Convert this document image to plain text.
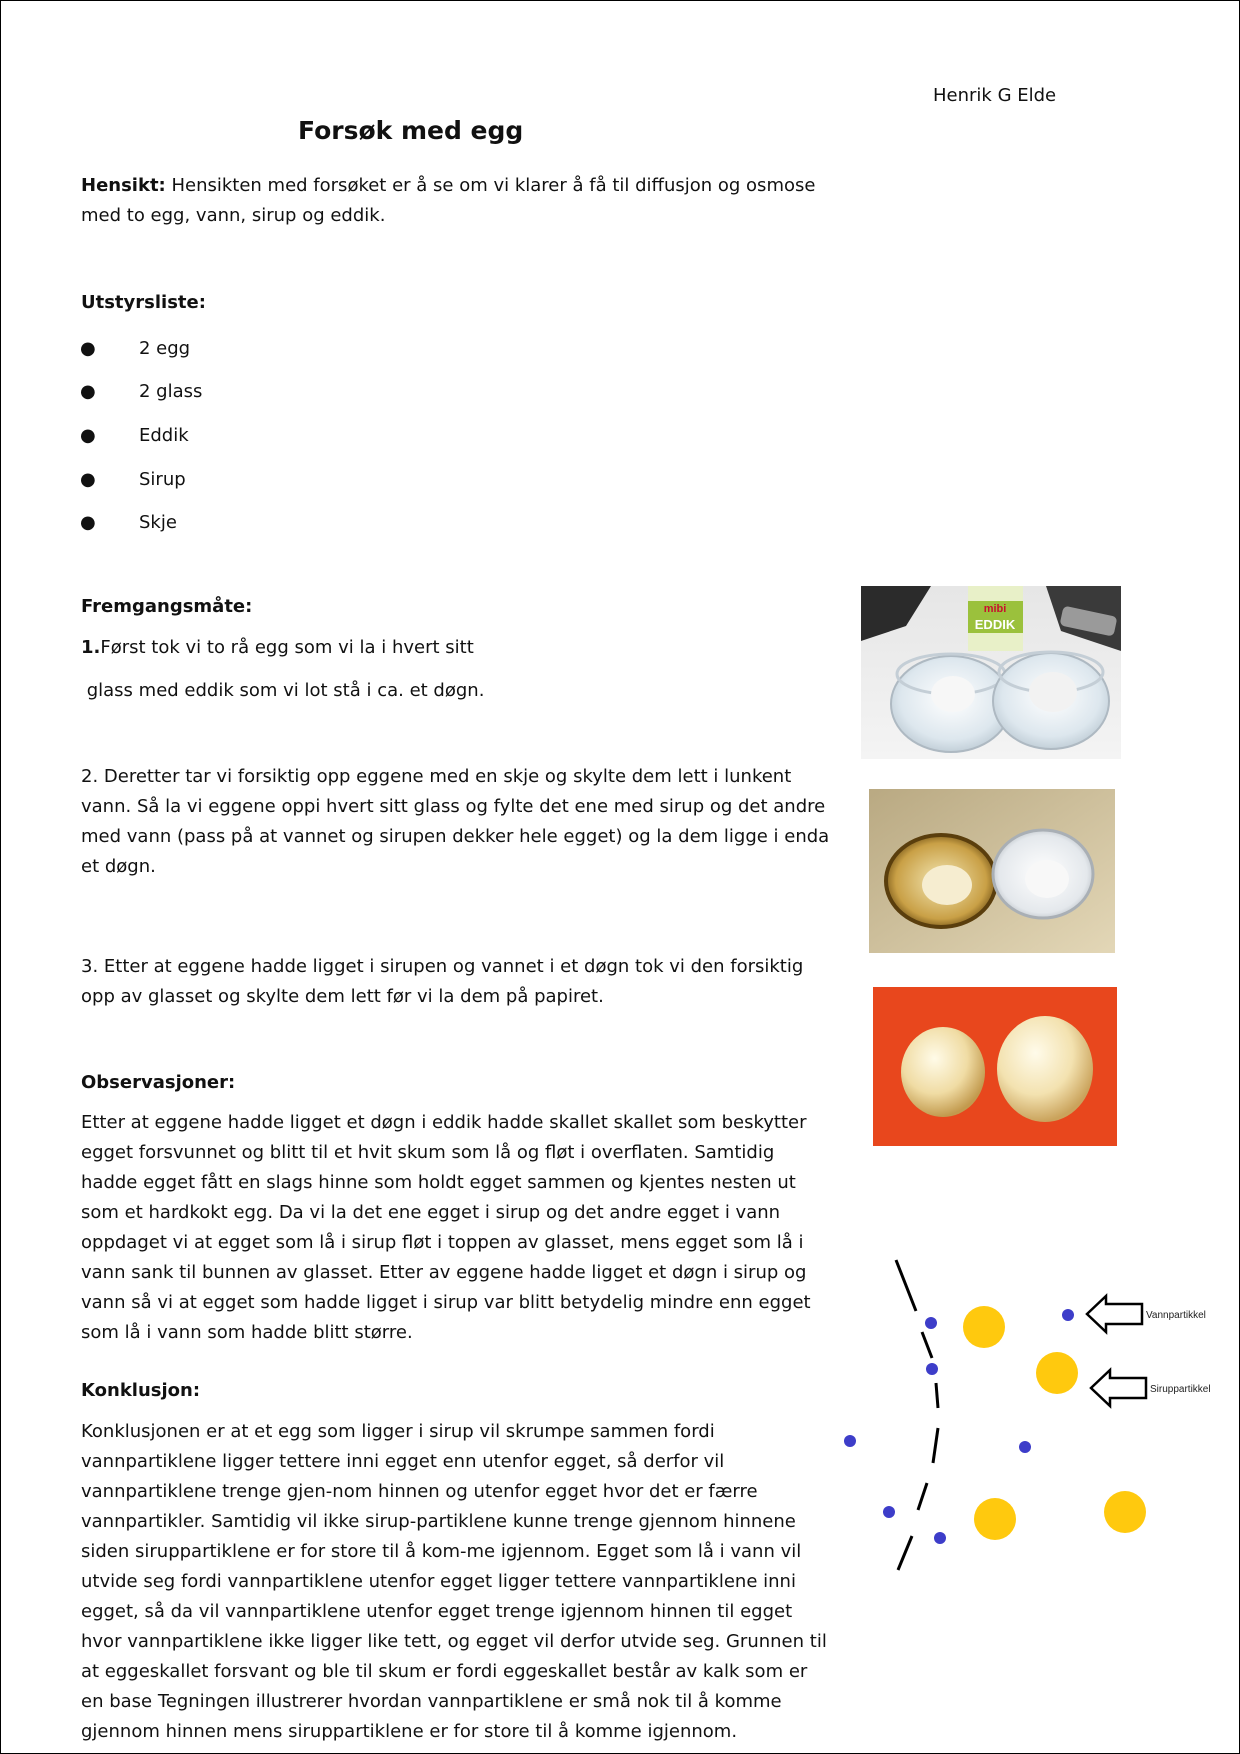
Henrik G Elde
Forsøk med egg

Hensikt: Hensikten med forsøket er å se om vi klarer å få til diffusjon og osmose med to egg, vann, sirup og eddik.

Utstyrsliste:
● 2 egg
● 2 glass
● Eddik
● Sirup
● Skje
Fremgangsmåte:
1.Først tok vi to rå egg som vi la i hvert sitt
glass med eddik som vi lot stå i ca. et døgn.

2. Deretter tar vi forsiktig opp eggene med en skje og skylte dem lett i lunkent vann. Så la vi eggene oppi hvert sitt glass og fylte det ene med sirup og det andre med vann (pass på at vannet og sirupen dekker hele egget) og la dem ligge i enda et døgn.

3. Etter at eggene hadde ligget i sirupen og vannet i et døgn tok vi den forsiktig opp av glasset og skylte dem lett før vi la dem på papiret.

Observasjoner:

Etter at eggene hadde ligget et døgn i eddik hadde skallet skallet som beskytter egget forsvunnet og blitt til et hvit skum som lå og fløt i overflaten. Samtidig hadde egget fått en slags hinne som holdt egget sammen og kjentes nesten ut som et hardkokt egg. Da vi la det ene egget i sirup og det andre egget i vann oppdaget vi at egget som lå i sirup fløt i toppen av glasset, mens egget som lå i vann sank til bunnen av glasset. Etter av eggene hadde ligget et døgn i sirup og vann så vi at egget som hadde ligget i sirup var blitt betydelig mindre enn egget som lå i vann som hadde blitt større.

Konklusjon:

Konklusjonen er at et egg som ligger i sirup vil skrumpe sammen fordi vannpartiklene ligger tettere inni egget enn utenfor egget, så derfor vil vannpartiklene trenge gjen-nom hinnen og utenfor egget hvor det er færre vannpartikler. Samtidig vil ikke sirup-partiklene kunne trenge gjennom hinnene siden siruppartiklene er for store til å kom-me igjennom. Egget som lå i vann vil utvide seg fordi vannpartiklene utenfor egget ligger tettere vannpartiklene inni egget, så da vil vannpartiklene utenfor egget trenge igjennom hinnen til egget hvor vannpartiklene ikke ligger like tett, og egget vil derfor utvide seg. Grunnen til at eggeskallet forsvant og ble til skum er fordi eggeskallet består av kalk som er en base Tegningen illustrerer hvordan vannpartiklene er små nok til å komme gjennom hinnen mens siruppartiklene er for store til å komme igjennom.

mibi
EDDIK
Vannpartikkel
Siruppartikkel
